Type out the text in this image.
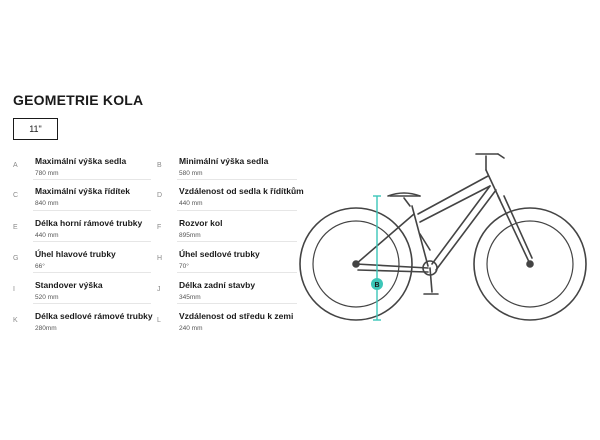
GEOMETRIE KOLA
11"
A Maximální výška sedla
780 mm
C Maximální výška řídítek
840 mm
E Délka horní rámové trubky
440 mm
G Úhel hlavové trubky
66°
I Standover výška
520 mm
K Délka sedlové rámové trubky
280mm
B Minimální výška sedla
580 mm
D Vzdálenost od sedla k řídítkům
440 mm
F Rozvor kol
895mm
H Úhel sedlové trubky
70°
J Délka zadní stavby
345mm
L Vzdálenost od středu k zemi
240 mm
B
